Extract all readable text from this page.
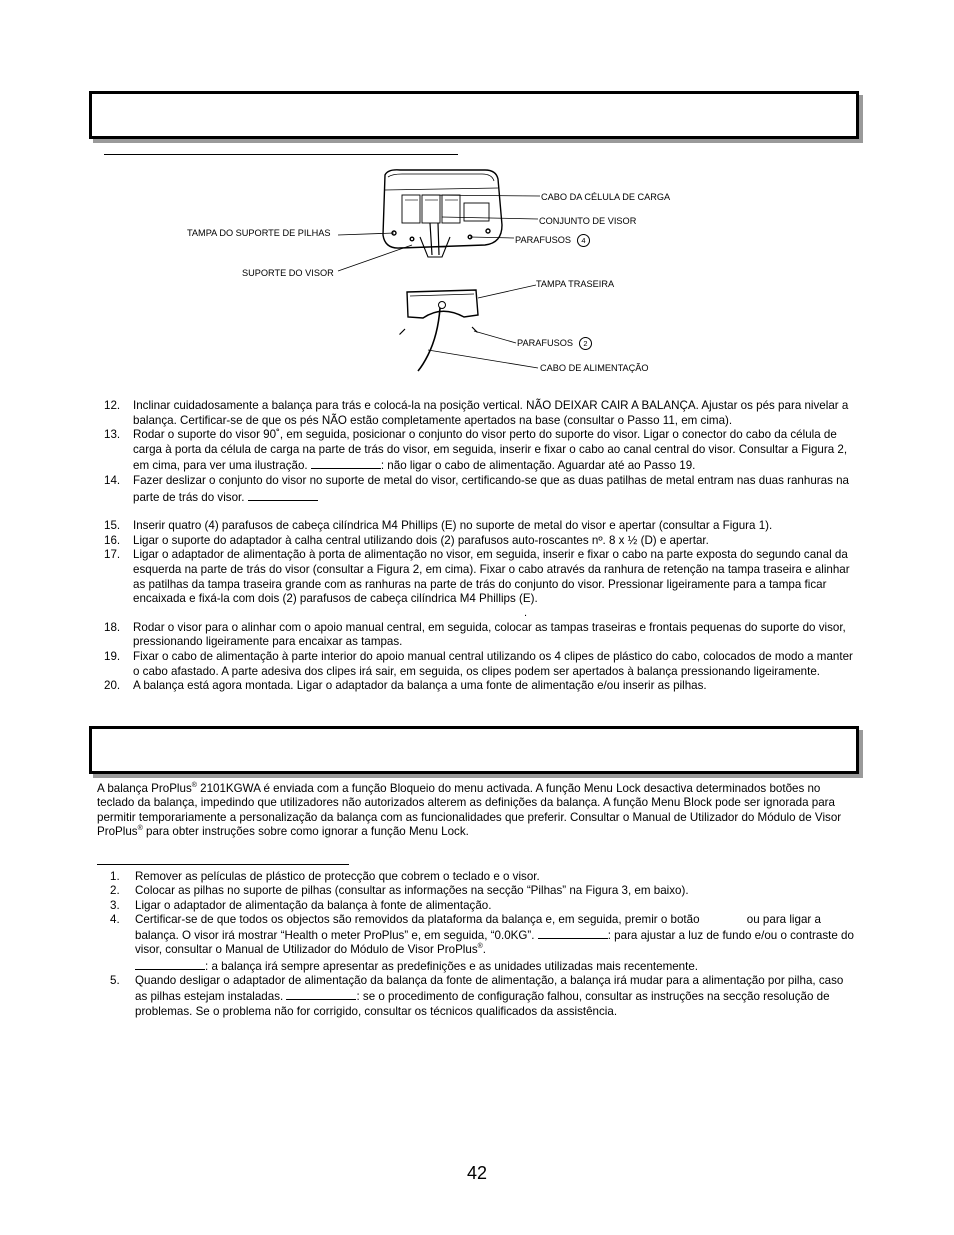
CABO DA CÉLULA DE CARGA
CONJUNTO DE VISOR
PARAFUSOS 4
TAMPA DO SUPORTE DE PILHAS
SUPORTE DO VISOR
TAMPA TRASEIRA
PARAFUSOS 2
CABO DE ALIMENTAÇÃO
12. Inclinar cuidadosamente a balança para trás e colocá-la na posição vertical. NÃO DEIXAR CAIR A BALANÇA. Ajustar os pés para nivelar a balança. Certificar-se de que os pés NÃO estão completamente apertados na base (consultar o Passo 11, em cima).
13. Rodar o suporte do visor 90˚, em seguida, posicionar o conjunto do visor perto do suporte do visor. Ligar o conector do cabo da célula de carga à porta da célula de carga na parte de trás do visor, em seguida, inserir e fixar o cabo ao canal central do visor. Consultar a Figura 2, em cima, para ver uma ilustração.	: não ligar o cabo de alimentação. Aguardar até ao Passo 19.
14. Fazer deslizar o conjunto do visor no suporte de metal do visor, certificando-se que as duas patilhas de metal entram nas duas ranhuras na parte de trás do visor.
15. Inserir quatro (4) parafusos de cabeça cilíndrica M4 Phillips (E) no suporte de metal do visor e apertar (consultar a Figura 1).
16. Ligar o suporte do adaptador à calha central utilizando dois (2) parafusos auto-roscantes nº. 8 x ½ (D) e apertar.
17. Ligar o adaptador de alimentação à porta de alimentação no visor, em seguida, inserir e fixar o cabo na parte exposta do segundo canal da esquerda na parte de trás do visor (consultar a Figura 2, em cima). Fixar o cabo através da ranhura de retenção na tampa traseira e alinhar as patilhas da tampa traseira grande com as ranhuras na parte de trás do conjunto do visor. Pressionar ligeiramente para a tampa ficar encaixada e fixá-la com dois (2) parafusos de cabeça cilíndrica M4 Phillips (E).
.
18. Rodar o visor para o alinhar com o apoio manual central, em seguida, colocar as tampas traseiras e frontais pequenas do suporte do visor, pressionando ligeiramente para encaixar as tampas.
19. Fixar o cabo de alimentação à parte interior do apoio manual central utilizando os 4 clipes de plástico do cabo, colocados de modo a manter o cabo afastado. A parte adesiva dos clipes irá sair, em seguida, os clipes podem ser apertados à balança pressionando ligeiramente.
20. A balança está agora montada. Ligar o adaptador da balança a uma fonte de alimentação e/ou inserir as pilhas.
A balança ProPlus® 2101KGWA é enviada com a função Bloqueio do menu activada. A função Menu Lock desactiva determinados botões no teclado da balança, impedindo que utilizadores não autorizados alterem as definições da balança. A função Menu Block pode ser ignorada para permitir temporariamente a personalização da balança com as funcionalidades que preferir. Consultar o Manual de Utilizador do Módulo de Visor ProPlus® para obter instruções sobre como ignorar a função Menu Lock.
1. Remover as películas de plástico de protecção que cobrem o teclado e o visor.
2. Colocar as pilhas no suporte de pilhas (consultar as informações na secção “Pilhas” na Figura 3, em baixo).
3. Ligar o adaptador de alimentação da balança à fonte de alimentação.
4. Certificar-se de que todos os objectos são removidos da plataforma da balança e, em seguida, premir o botão	ou para ligar a balança. O visor irá mostrar “Health o meter ProPlus” e, em seguida, “0.0KG”.	: para ajustar a luz de fundo e/ou o contraste do visor, consultar o Manual de Utilizador do Módulo de Visor ProPlus®.
: a balança irá sempre apresentar as predefinições e as unidades utilizadas mais recentemente.
5. Quando desligar o adaptador de alimentação da balança da fonte de alimentação, a balança irá mudar para a alimentação por pilha, caso as pilhas estejam instaladas.	: se o procedimento de configuração falhou, consultar as instruções na secção resolução de problemas. Se o problema não for corrigido, consultar os técnicos qualificados da assistência.
42
